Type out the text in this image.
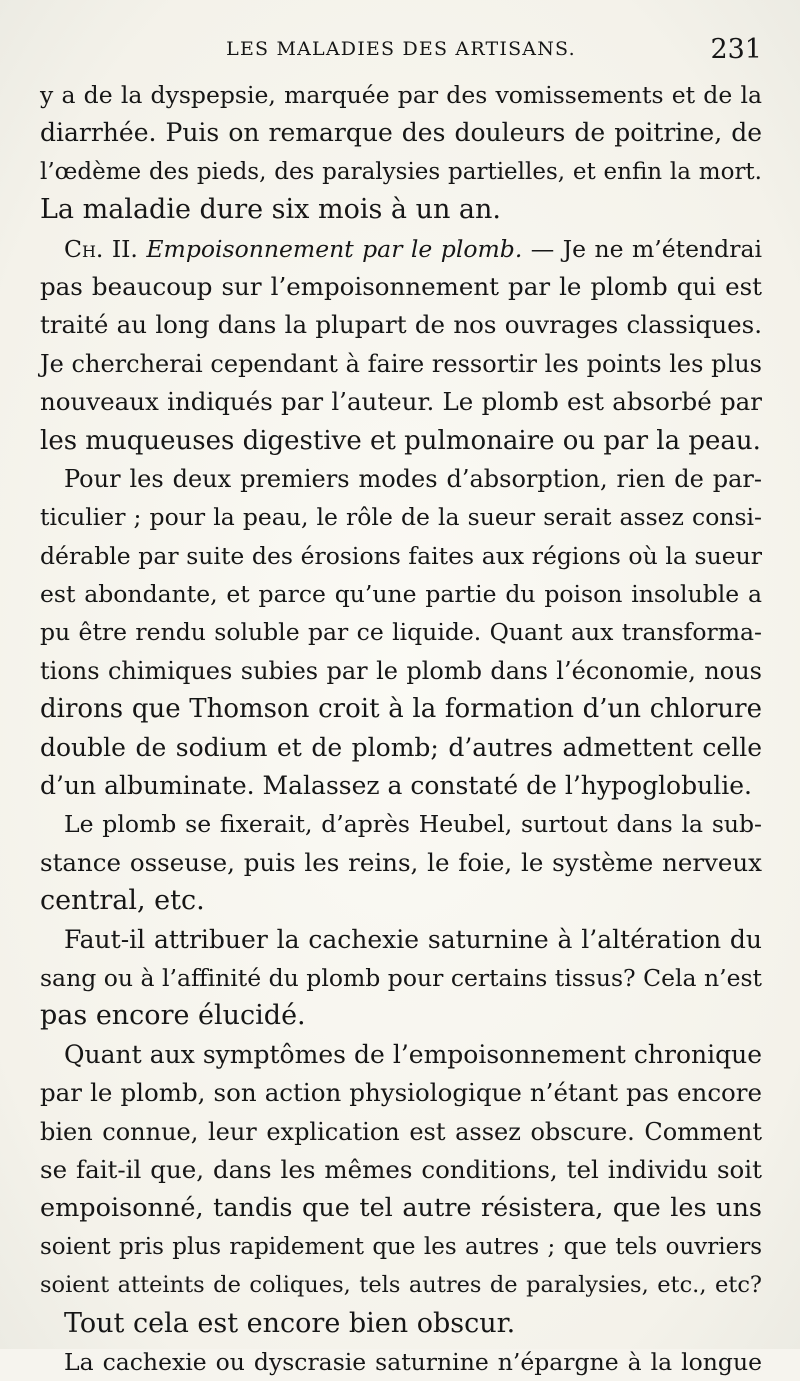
LES MALADIES DES ARTISANS.	231
y a de la dyspepsie, marquée par des vomissements et de la
diarrhée. Puis on remarque des douleurs de poitrine, de
l’œdème des pieds, des paralysies partielles, et enfin la mort.
La maladie dure six mois à un an.
Ch. II. Empoisonnement par le plomb. — Je ne m’étendrai
pas beaucoup sur l’empoisonnement par le plomb qui est
traité au long dans la plupart de nos ouvrages classiques.
Je chercherai cependant à faire ressortir les points les plus
nouveaux indiqués par l’auteur. Le plomb est absorbé par
les muqueuses digestive et pulmonaire ou par la peau.
Pour les deux premiers modes d’absorption, rien de par-
ticulier ; pour la peau, le rôle de la sueur serait assez consi-
dérable par suite des érosions faites aux régions où la sueur
est abondante, et parce qu’une partie du poison insoluble a
pu être rendu soluble par ce liquide. Quant aux transforma-
tions chimiques subies par le plomb dans l’économie, nous
dirons que Thomson croit à la formation d’un chlorure
double de sodium et de plomb; d’autres admettent celle
d’un albuminate. Malassez a constaté de l’hypoglobulie.
Le plomb se fixerait, d’après Heubel, surtout dans la sub-
stance osseuse, puis les reins, le foie, le système nerveux
central, etc.
Faut-il attribuer la cachexie saturnine à l’altération du
sang ou à l’affinité du plomb pour certains tissus? Cela n’est
pas encore élucidé.
Quant aux symptômes de l’empoisonnement chronique
par le plomb, son action physiologique n’étant pas encore
bien connue, leur explication est assez obscure. Comment
se fait-il que, dans les mêmes conditions, tel individu soit
empoisonné, tandis que tel autre résistera, que les uns
soient pris plus rapidement que les autres ; que tels ouvriers
soient atteints de coliques, tels autres de paralysies, etc., etc?
Tout cela est encore bien obscur.
La cachexie ou dyscrasie saturnine n’épargne à la longue
